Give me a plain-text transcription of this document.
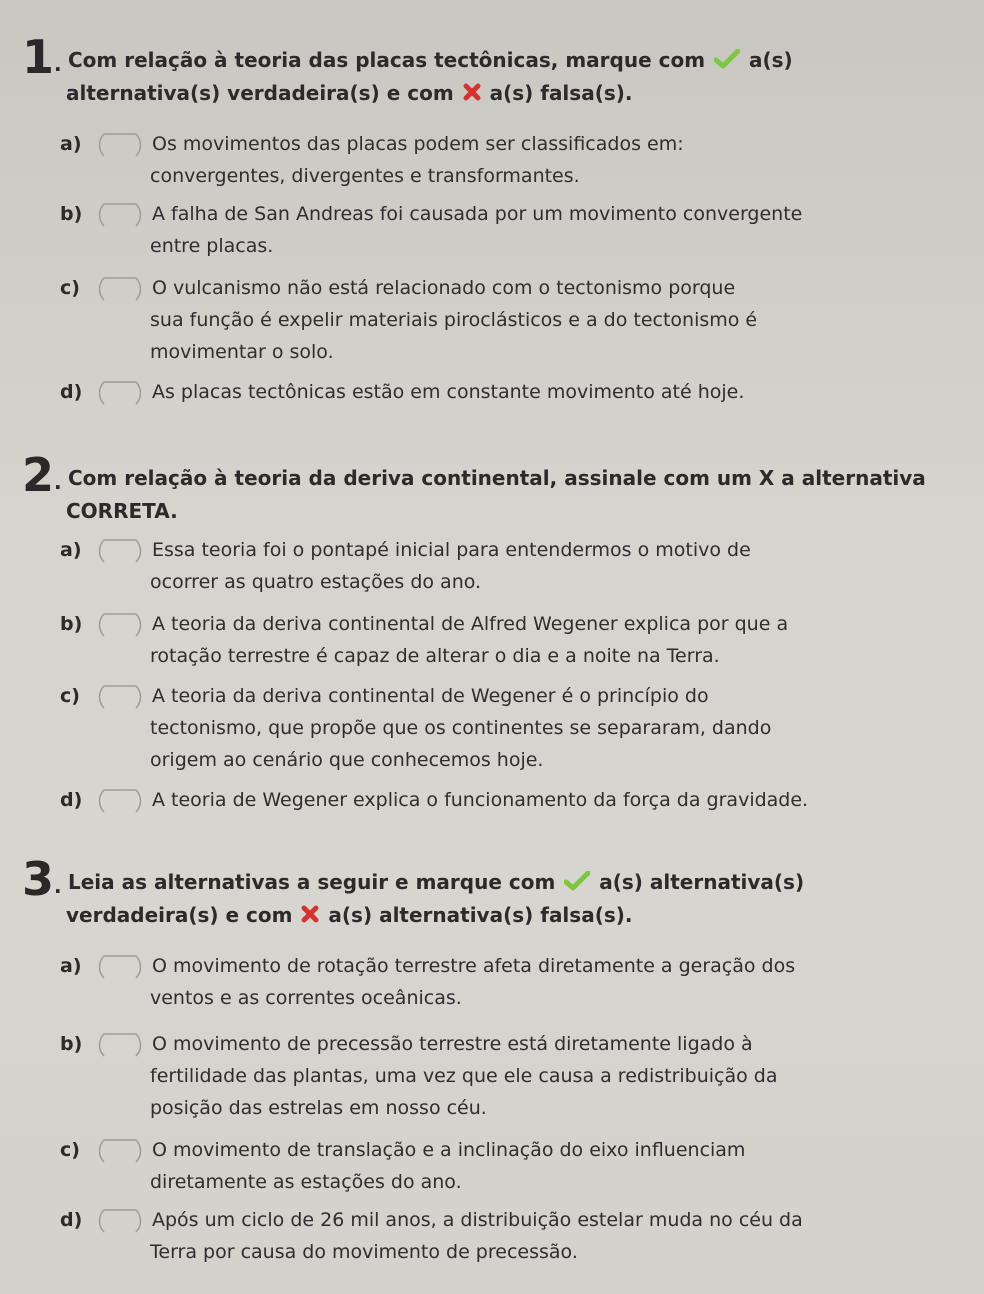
1. Com relação à teoria das placas tectônicas, marque com a(s)
alternativa(s) verdadeira(s) e com a(s) falsa(s).
a)	Os movimentos das placas podem ser classificados em:
convergentes, divergentes e transformantes.
b)	A falha de San Andreas foi causada por um movimento convergente
entre placas.
c)	O vulcanismo não está relacionado com o tectonismo porque
sua função é expelir materiais piroclásticos e a do tectonismo é
movimentar o solo.
d)	As placas tectônicas estão em constante movimento até hoje.
2. Com relação à teoria da deriva continental, assinale com um X a alternativa
CORRETA.
a)	Essa teoria foi o pontapé inicial para entendermos o motivo de
ocorrer as quatro estações do ano.
b)	A teoria da deriva continental de Alfred Wegener explica por que a
rotação terrestre é capaz de alterar o dia e a noite na Terra.
c)	A teoria da deriva continental de Wegener é o princípio do
tectonismo, que propõe que os continentes se separaram, dando
origem ao cenário que conhecemos hoje.
d)	A teoria de Wegener explica o funcionamento da força da gravidade.
3. Leia as alternativas a seguir e marque com a(s) alternativa(s)
verdadeira(s) e com a(s) alternativa(s) falsa(s).
a)	O movimento de rotação terrestre afeta diretamente a geração dos
ventos e as correntes oceânicas.
b)	O movimento de precessão terrestre está diretamente ligado à
fertilidade das plantas, uma vez que ele causa a redistribuição da
posição das estrelas em nosso céu.
c)	O movimento de translação e a inclinação do eixo influenciam
diretamente as estações do ano.
d)	Após um ciclo de 26 mil anos, a distribuição estelar muda no céu da
Terra por causa do movimento de precessão.
